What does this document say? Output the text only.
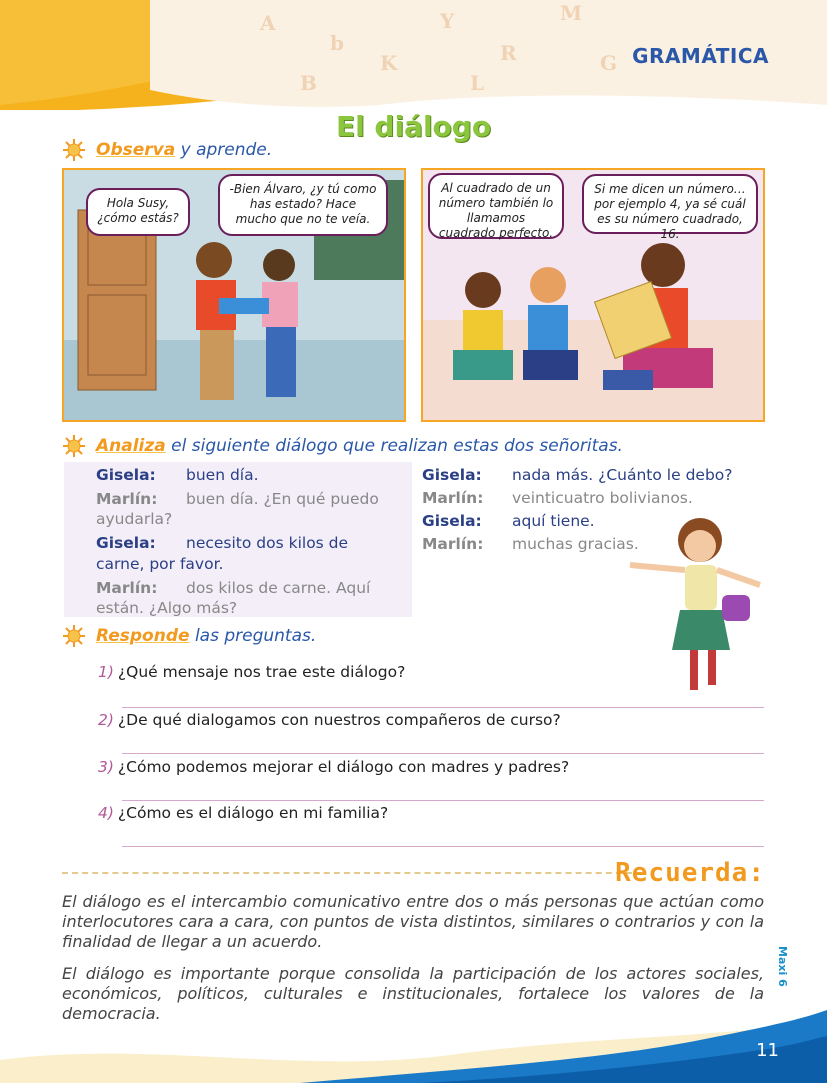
A
b
K
Y
R
M
G
L
B
GRAMÁTICA
El diálogo
Observa y aprende.
Hola Susy, ¿cómo estás?
-Bien Álvaro, ¿y tú como has estado? Hace mucho que no te veía.
Al cuadrado de un número también lo llamamos cuadrado perfecto.
Si me dicen un número… por ejemplo 4, ya sé cuál es su número cuadrado, 16.
Analiza el siguiente diálogo que realizan estas dos señoritas.
Gisela: buen día.
Marlín: buen día. ¿En qué puedo ayudarla?
Gisela: necesito dos kilos de carne, por favor.
Marlín: dos kilos de carne. Aquí están. ¿Algo más?
Gisela: nada más. ¿Cuánto le debo?
Marlín: veinticuatro bolivianos.
Gisela: aquí tiene.
Marlín: muchas gracias.
Responde las preguntas.
1) ¿Qué mensaje nos trae este diálogo?
2) ¿De qué dialogamos con nuestros compañeros de curso?
3) ¿Cómo podemos mejorar el diálogo con madres y padres?
4) ¿Cómo es el diálogo en mi familia?
Recuerda:
El diálogo es el intercambio comunicativo entre dos o más personas que actúan como interlocutores cara a cara, con puntos de vista distintos, similares o contrarios y con la finalidad de llegar a un acuerdo.
El diálogo es importante porque consolida la participación de los actores sociales, económicos, políticos, culturales e institucionales, fortalece los valores de la democracia.
Maxi 6
11
